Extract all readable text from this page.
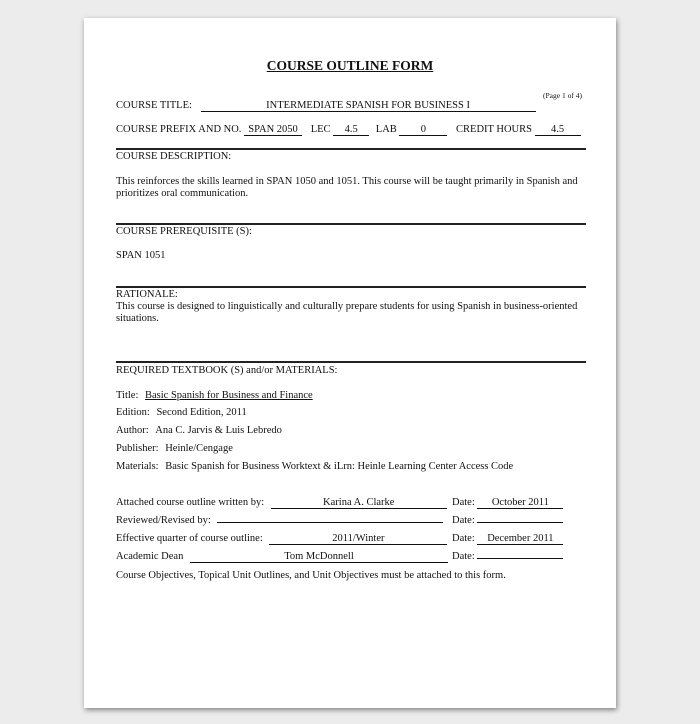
COURSE OUTLINE FORM
(Page 1 of 4)
COURSE TITLE:	INTERMEDIATE SPANISH FOR BUSINESS I
COURSE PREFIX AND NO. SPAN 2050 LEC 4.5 LAB 0	CREDIT HOURS 4.5
COURSE DESCRIPTION:
This reinforces the skills learned in SPAN 1050 and 1051. This course will be taught primarily in Spanish and prioritizes oral communication.
COURSE PREREQUISITE (S):
SPAN 1051
RATIONALE:
This course is designed to linguistically and culturally prepare students for using Spanish in business-oriented situations.
REQUIRED TEXTBOOK (S) and/or MATERIALS:
Title: Basic Spanish for Business and Finance
Edition: Second Edition, 2011
Author: Ana C. Jarvis & Luis Lebredo
Publisher: Heinle/Cengage
Materials: Basic Spanish for Business Worktext & iLrn: Heinle Learning Center Access Code
Attached course outline written by:	Karina A. Clarke	Date: October 2011
Reviewed/Revised by:	Date:
Effective quarter of course outline:	2011/Winter	Date: December 2011
Academic Dean	Tom McDonnell	Date:
Course Objectives, Topical Unit Outlines, and Unit Objectives must be attached to this form.
